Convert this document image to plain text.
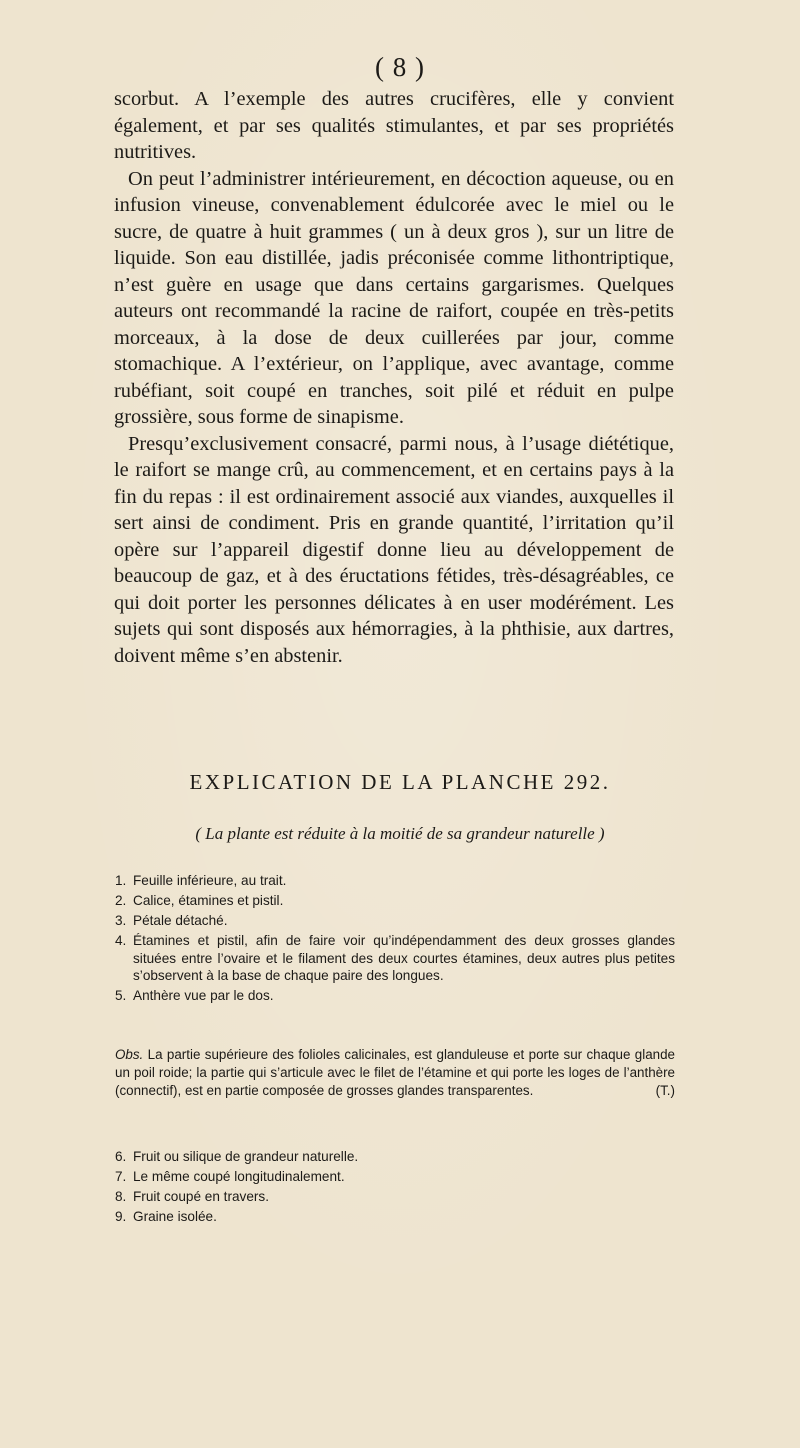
( 8 )

scorbut. A l’exemple des autres crucifères, elle y convient également, et par ses qualités stimulantes, et par ses propriétés nutritives.

On peut l’administrer intérieurement, en décoction aqueuse, ou en infusion vineuse, convenablement édulcorée avec le miel ou le sucre, de quatre à huit grammes ( un à deux gros ), sur un litre de liquide. Son eau distillée, jadis préconisée comme lithontriptique, n’est guère en usage que dans certains gargarismes. Quelques auteurs ont recommandé la racine de raifort, coupée en très-petits morceaux, à la dose de deux cuillerées par jour, comme stomachique. A l’extérieur, on l’applique, avec avantage, comme rubéfiant, soit coupé en tranches, soit pilé et réduit en pulpe grossière, sous forme de sinapisme.

Presqu’exclusivement consacré, parmi nous, à l’usage diététique, le raifort se mange crû, au commencement, et en certains pays à la fin du repas : il est ordinairement associé aux viandes, auxquelles il sert ainsi de condiment. Pris en grande quantité, l’irritation qu’il opère sur l’appareil digestif donne lieu au développement de beaucoup de gaz, et à des éructations fétides, très-désagréables, ce qui doit porter les personnes délicates à en user modérément. Les sujets qui sont disposés aux hémorragies, à la phthisie, aux dartres, doivent même s’en abstenir.

EXPLICATION DE LA PLANCHE 292.
( La plante est réduite à la moitié de sa grandeur naturelle )
1. Feuille inférieure, au trait.
2. Calice, étamines et pistil.
3. Pétale détaché.
4. Étamines et pistil, afin de faire voir qu’indépendamment des deux grosses glandes situées entre l’ovaire et le filament des deux courtes étamines, deux autres plus petites s’observent à la base de chaque paire des longues.
5. Anthère vue par le dos.

Obs. La partie supérieure des folioles calicinales, est glanduleuse et porte sur chaque glande un poil roide; la partie qui s’articule avec le filet de l’étamine et qui porte les loges de l’anthère (connectif), est en partie composée de grosses glandes transparentes.	(T.)

6. Fruit ou silique de grandeur naturelle.
7. Le même coupé longitudinalement.
8. Fruit coupé en travers.
9. Graine isolée.
